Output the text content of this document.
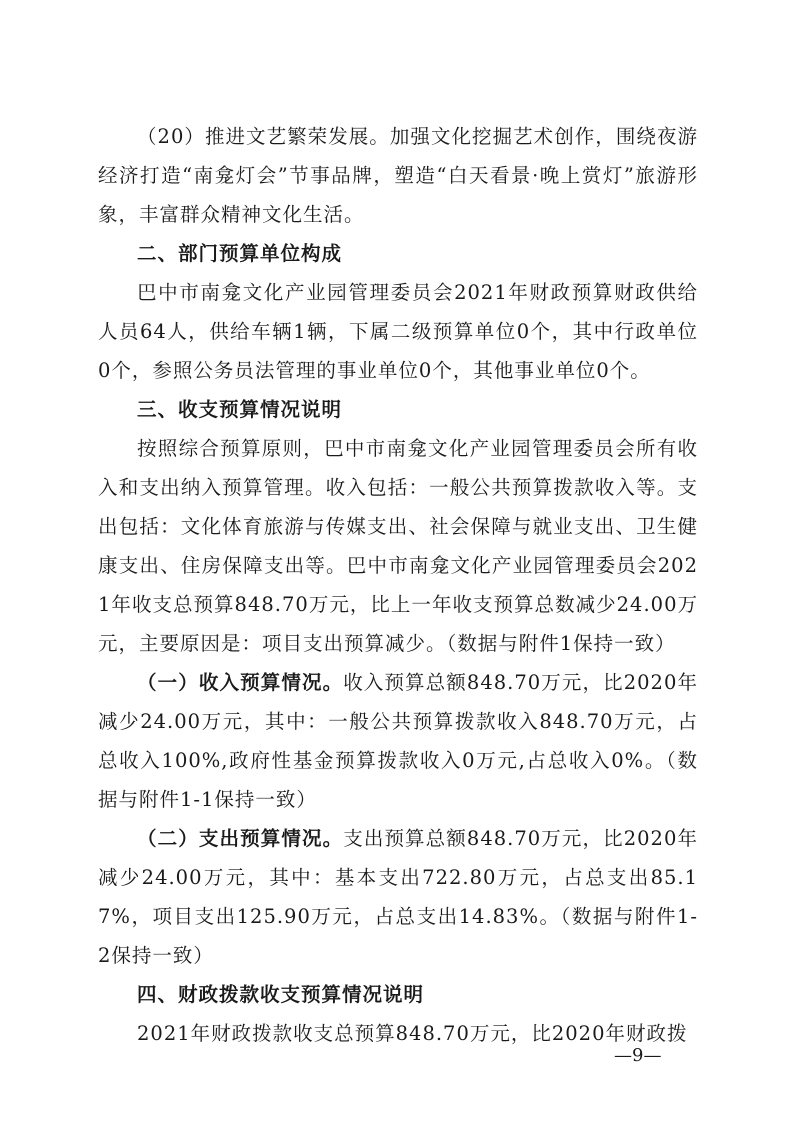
（20）推进文艺繁荣发展。加强文化挖掘艺术创作，围绕夜游经济打造“南龛灯会”节事品牌，塑造“白天看景·晚上赏灯”旅游形象，丰富群众精神文化生活。

二、部门预算单位构成

巴中市南龛文化产业园管理委员会2021年财政预算财政供给人员64人，供给车辆1辆，下属二级预算单位0个，其中行政单位0个，参照公务员法管理的事业单位0个，其他事业单位0个。

三、收支预算情况说明

按照综合预算原则，巴中市南龛文化产业园管理委员会所有收入和支出纳入预算管理。收入包括：一般公共预算拨款收入等。支出包括：文化体育旅游与传媒支出、社会保障与就业支出、卫生健康支出、住房保障支出等。巴中市南龛文化产业园管理委员会2021年收支总预算848.70万元，比上一年收支预算总数减少24.00万元，主要原因是：项目支出预算减少。（数据与附件1保持一致）

（一）收入预算情况。收入预算总额848.70万元，比2020年减少24.00万元，其中：一般公共预算拨款收入848.70万元，占总收入100%,政府性基金预算拨款收入0万元,占总收入0%。（数据与附件1-1保持一致）

（二）支出预算情况。支出预算总额848.70万元，比2020年减少24.00万元，其中：基本支出722.80万元，占总支出85.17%，项目支出125.90万元，占总支出14.83%。（数据与附件1-2保持一致）

四、财政拨款收支预算情况说明

2021年财政拨款收支总预算848.70万元，比2020年财政拨

—9—
